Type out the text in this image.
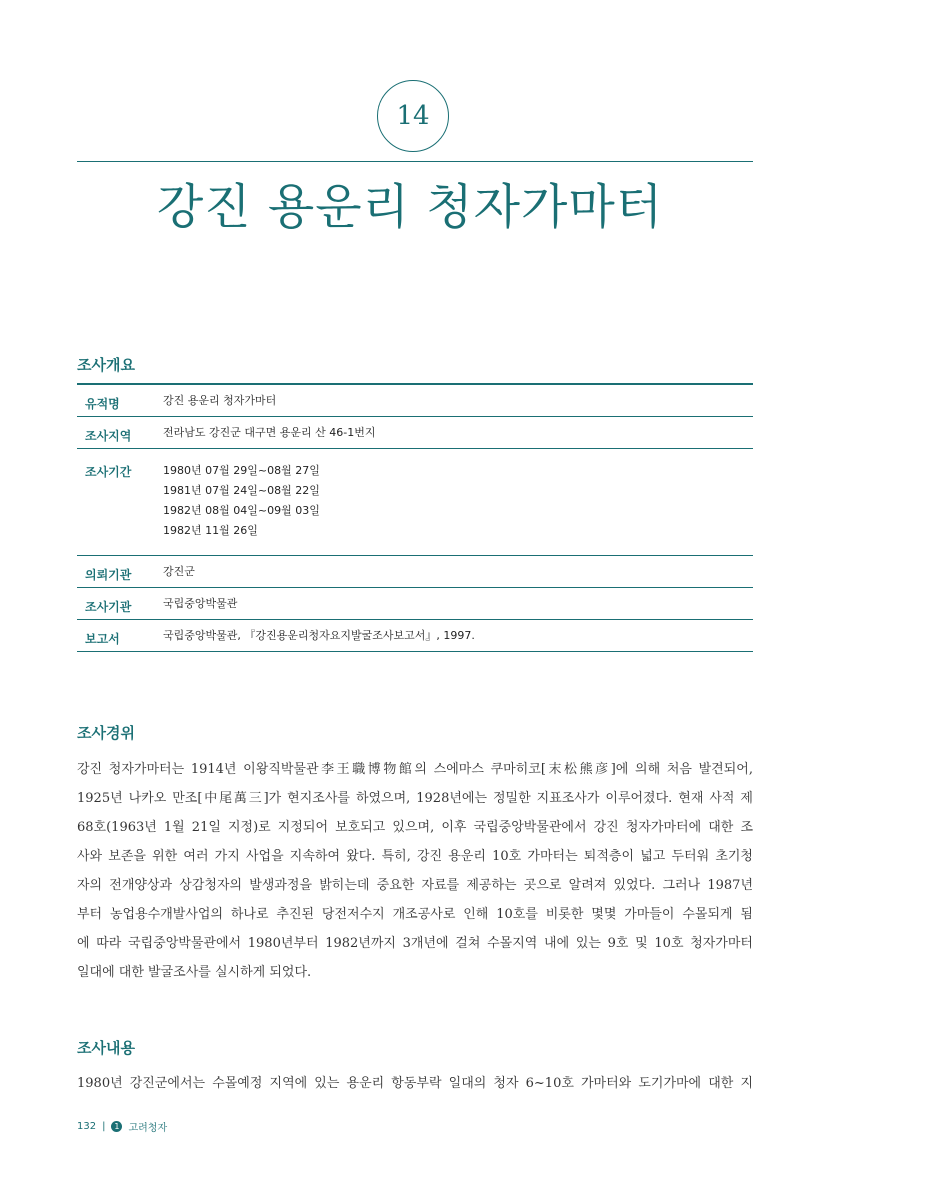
14
강진 용운리 청자가마터
조사개요
유적명	강진 용운리 청자가마터
조사지역	전라남도 강진군 대구면 용운리 산 46-1번지
조사기간	1980년 07월 29일~08월 27일
1981년 07월 24일~08월 22일
1982년 08월 04일~09월 03일
1982년 11월 26일
의뢰기관	강진군
조사기관	국립중앙박물관
보고서	국립중앙박물관, 『강진용운리청자요지발굴조사보고서』, 1997.
조사경위
강진 청자가마터는 1914년 이왕직박물관李王職博物館의 스에마스 쿠마히코[末松熊彦]에 의해 처음 발견되어,
1925년 나카오 만조[中尾萬三]가 현지조사를 하였으며, 1928년에는 정밀한 지표조사가 이루어졌다. 현재 사적 제
68호(1963년 1월 21일 지정)로 지정되어 보호되고 있으며, 이후 국립중앙박물관에서 강진 청자가마터에 대한 조
사와 보존을 위한 여러 가지 사업을 지속하여 왔다. 특히, 강진 용운리 10호 가마터는 퇴적층이 넓고 두터워 초기청
자의 전개양상과 상감청자의 발생과정을 밝히는데 중요한 자료를 제공하는 곳으로 알려져 있었다. 그러나 1987년
부터 농업용수개발사업의 하나로 추진된 당전저수지 개조공사로 인해 10호를 비롯한 몇몇 가마들이 수몰되게 됨
에 따라 국립중앙박물관에서 1980년부터 1982년까지 3개년에 걸쳐 수몰지역 내에 있는 9호 및 10호 청자가마터
일대에 대한 발굴조사를 실시하게 되었다.
조사내용
1980년 강진군에서는 수몰예정 지역에 있는 용운리 항동부락 일대의 청자 6~10호 가마터와 도기가마에 대한 지
132 |	1 고려청자
